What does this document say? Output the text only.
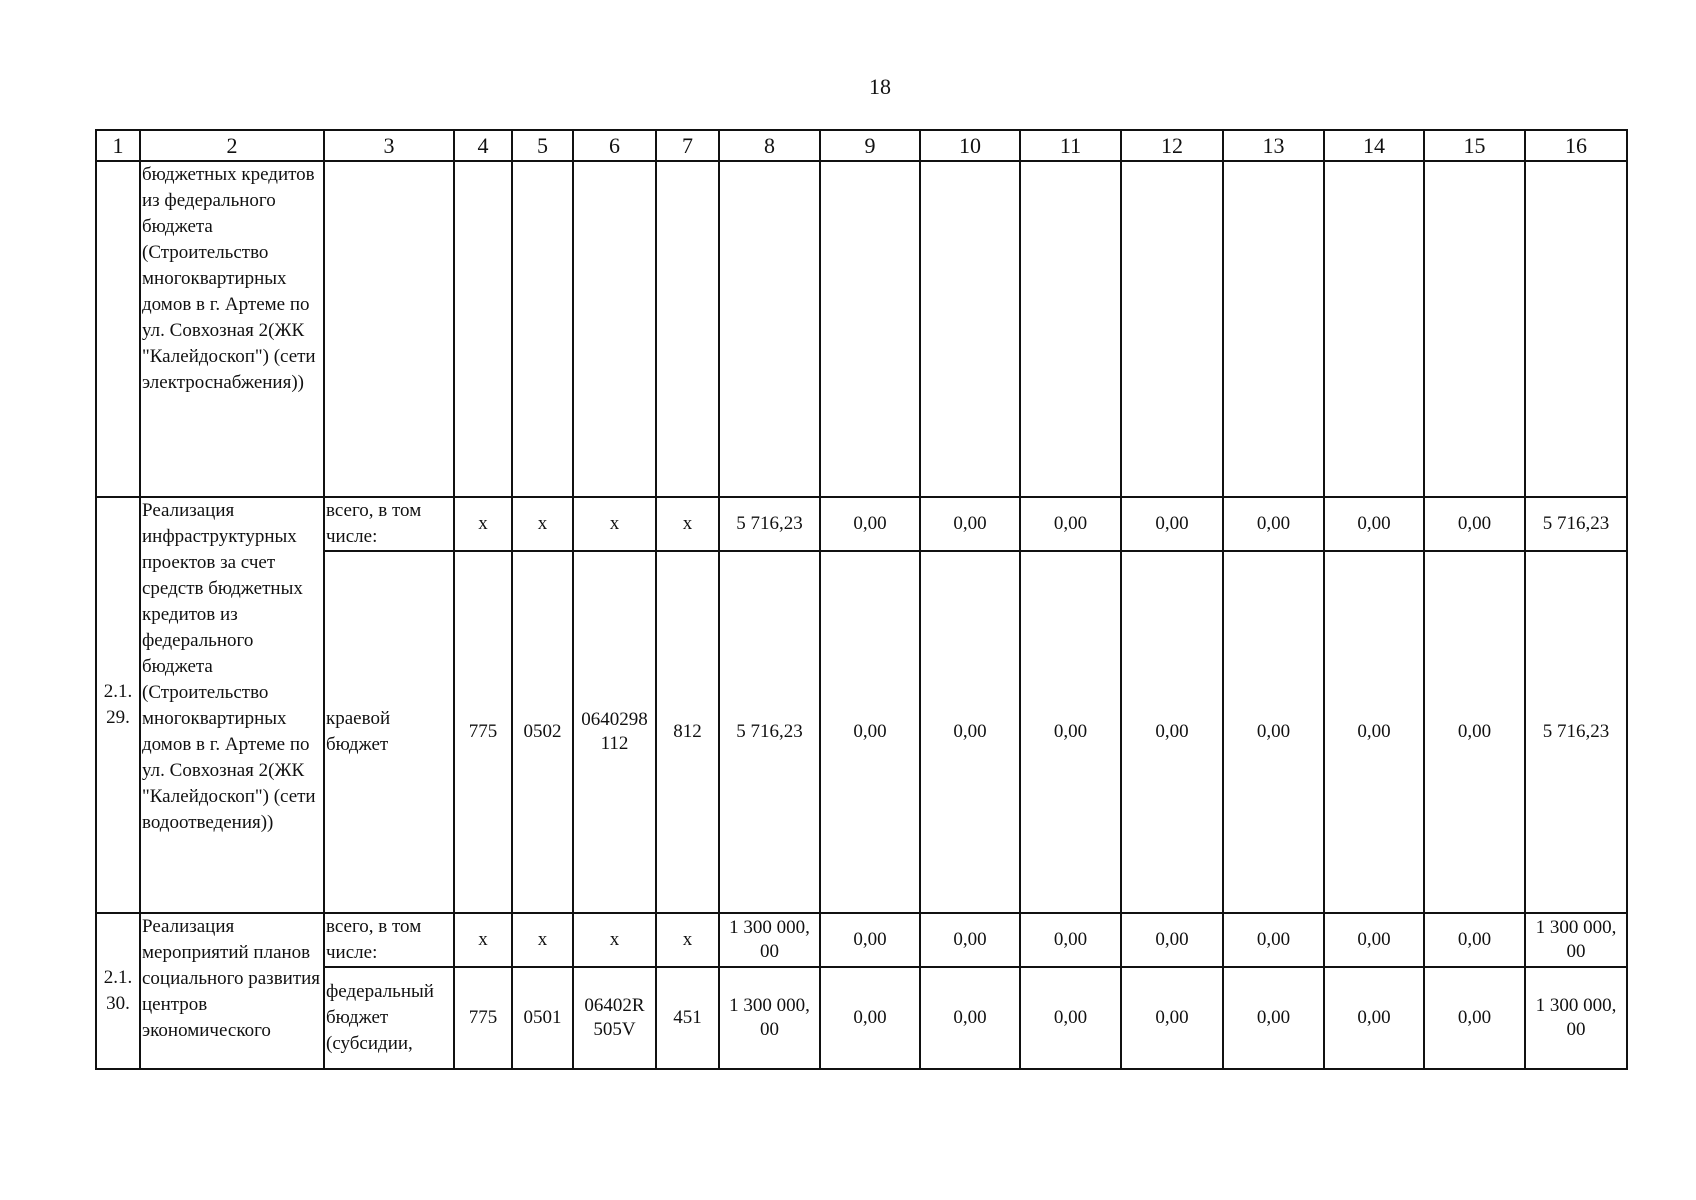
18
1	2	3	4	5	6	7	8	9	10	11	12	13	14	15	16
	бюджетных кредитов из федерального бюджета (Строительство многоквартирных домов в г. Артеме по ул. Совхозная 2(ЖК "Калейдоскоп") (сети электроснабжения))														
2.1. 29.	Реализация инфраструктурных проектов за счет средств бюджетных кредитов из федерального бюджета (Строительство многоквартирных домов в г. Артеме по ул. Совхозная 2(ЖК "Калейдоскоп") (сети водоотведения))	всего, в том числе:	х	х	х	х	5 716,23	0,00	0,00	0,00	0,00	0,00	0,00	0,00	5 716,23
		краевой бюджет	775	0502	0640298 112	812	5 716,23	0,00	0,00	0,00	0,00	0,00	0,00	0,00	5 716,23
2.1. 30.	Реализация мероприятий планов социального развития центров экономического	всего, в том числе:	х	х	х	х	1 300 000, 00	0,00	0,00	0,00	0,00	0,00	0,00	0,00	1 300 000, 00
		федеральный бюджет (субсидии,	775	0501	06402R 505V	451	1 300 000, 00	0,00	0,00	0,00	0,00	0,00	0,00	0,00	1 300 000, 00
